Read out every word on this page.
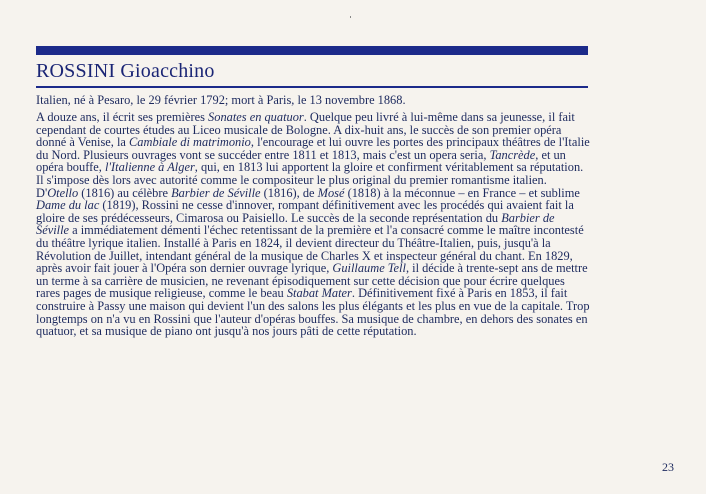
ROSSINI Gioacchino
Italien, né à Pesaro, le 29 février 1792; mort à Paris, le 13 novembre 1868.

A douze ans, il écrit ses premières Sonates en quatuor. Quelque peu livré à lui-même dans sa jeunesse, il fait cependant de courtes études au Liceo musicale de Bologne. A dix-huit ans, le succès de son premier opéra donné à Venise, la Cambiale di matrimonio, l'encourage et lui ouvre les portes des principaux théâtres de l'Italie du Nord. Plusieurs ouvrages vont se succéder entre 1811 et 1813, mais c'est un opera seria, Tancrède, et un opéra bouffe, l'Italienne à Alger, qui, en 1813 lui apportent la gloire et confirment véritablement sa réputation. Il s'impose dès lors avec autorité comme le compositeur le plus original du premier romantisme italien. D'Otello (1816) au célèbre Barbier de Séville (1816), de Mosé (1818) à la méconnue – en France – et sublime Dame du lac (1819), Rossini ne cesse d'innover, rompant définitivement avec les procédés qui avaient fait la gloire de ses prédécesseurs, Cimarosa ou Paisiello. Le succès de la seconde représentation du Barbier de Séville a immédiatement démenti l'échec retentissant de la première et l'a consacré comme le maître incontesté du théâtre lyrique italien. Installé à Paris en 1824, il devient directeur du Théâtre-Italien, puis, jusqu'à la Révolution de Juillet, intendant général de la musique de Charles X et inspecteur général du chant. En 1829, après avoir fait jouer à l'Opéra son dernier ouvrage lyrique, Guillaume Tell, il décide à trente-sept ans de mettre un terme à sa carrière de musicien, ne revenant épisodiquement sur cette décision que pour écrire quelques rares pages de musique religieuse, comme le beau Stabat Mater. Définitivement fixé à Paris en 1853, il fait construire à Passy une maison qui devient l'un des salons les plus élégants et les plus en vue de la capitale. Trop longtemps on n'a vu en Rossini que l'auteur d'opéras bouffes. Sa musique de chambre, en dehors des sonates en quatuor, et sa musique de piano ont jusqu'à nos jours pâti de cette réputation.

23
